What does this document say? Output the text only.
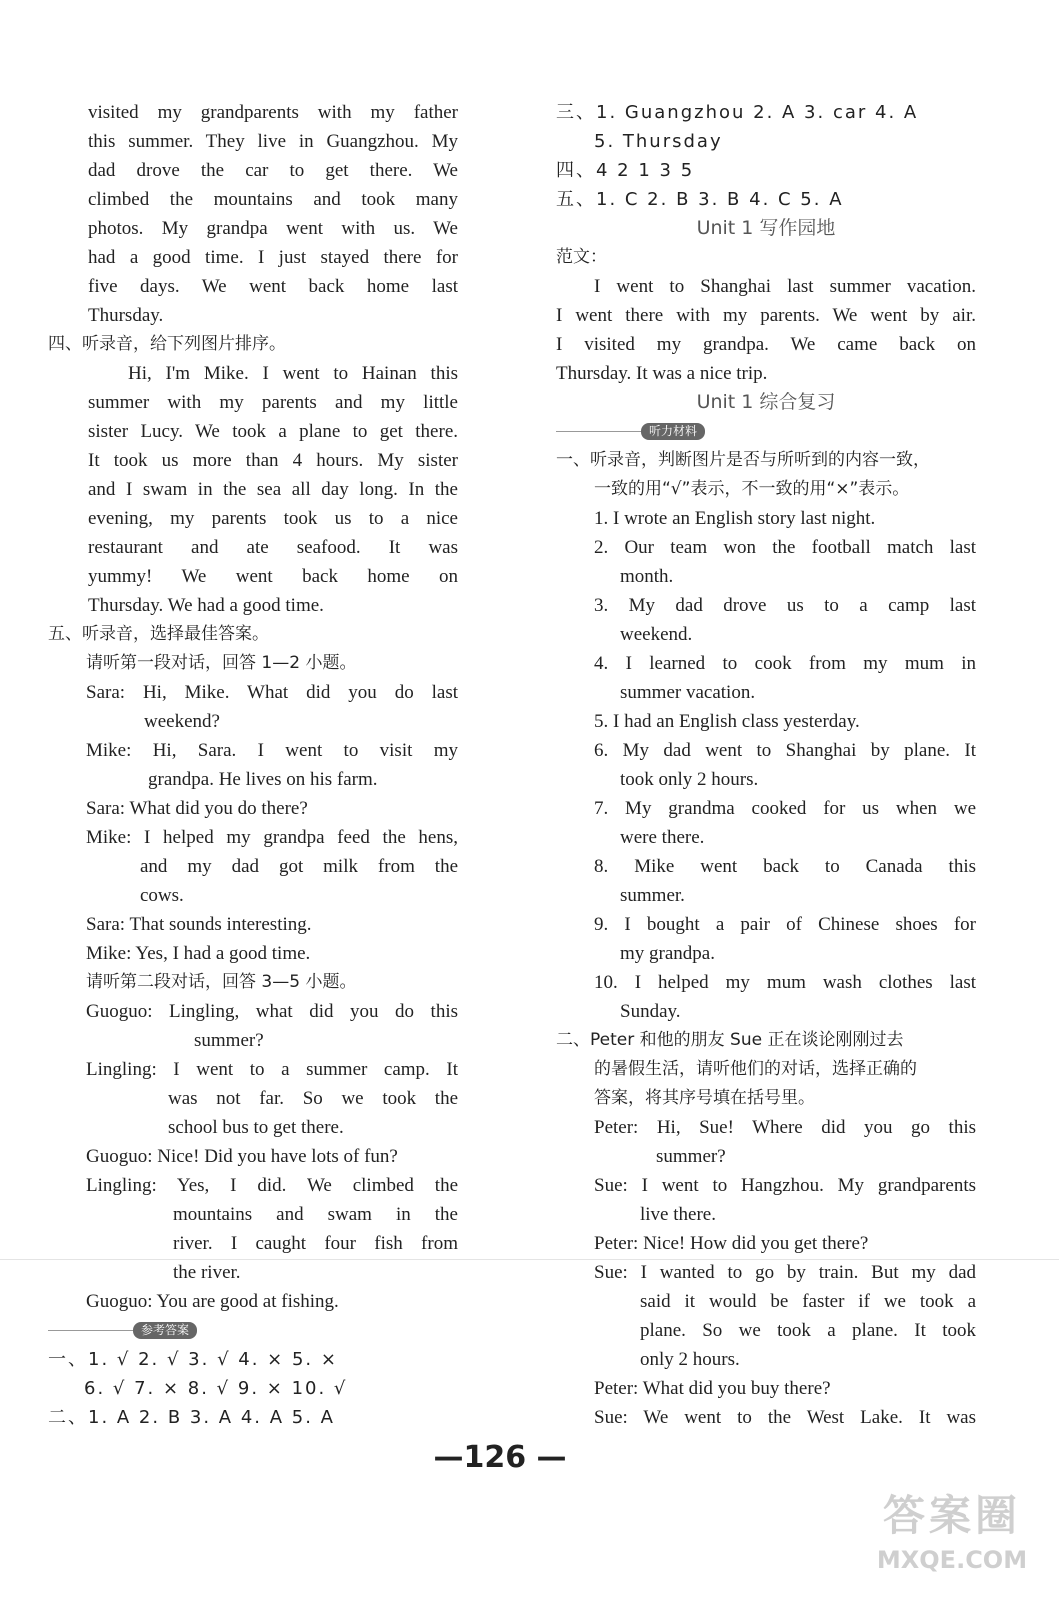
visited my grandparents with my father
this summer. They live in Guangzhou. My
dad drove the car to get there. We
climbed the mountains and took many
photos. My grandpa went with us. We
had a good time. I just stayed there for
five days. We went back home last
Thursday.
四、听录音，给下列图片排序。
Hi, I'm Mike. I went to Hainan this
summer with my parents and my little
sister Lucy. We took a plane to get there.
It took us more than 4 hours. My sister
and I swam in the sea all day long. In the
evening, my parents took us to a nice
restaurant and ate seafood. It was
yummy! We went back home on
Thursday. We had a good time.
五、听录音，选择最佳答案。
请听第一段对话，回答 1—2 小题。
Sara: Hi, Mike. What did you do last
weekend?
Mike: Hi, Sara. I went to visit my
grandpa. He lives on his farm.
Sara: What did you do there?
Mike: I helped my grandpa feed the hens,
and my dad got milk from the
cows.
Sara: That sounds interesting.
Mike: Yes, I had a good time.
请听第二段对话，回答 3—5 小题。
Guoguo: Lingling, what did you do this
summer?
Lingling: I went to a summer camp. It
was not far. So we took the
school bus to get there.
Guoguo: Nice! Did you have lots of fun?
Lingling: Yes, I did. We climbed the
mountains and swam in the
river. I caught four fish from
the river.
Guoguo: You are good at fishing.
参考答案
一、1. √ 2. √ 3. √ 4. × 5. ×
6. √ 7. × 8. √ 9. × 10. √
二、1. A 2. B 3. A 4. A 5. A
三、1. Guangzhou 2. A 3. car 4. A
5. Thursday
四、4 2 1 3 5
五、1. C 2. B 3. B 4. C 5. A
Unit 1 写作园地
范文：
I went to Shanghai last summer vacation.
I went there with my parents. We went by air.
I visited my grandpa. We came back on
Thursday. It was a nice trip.
Unit 1 综合复习
听力材料
一、听录音，判断图片是否与所听到的内容一致，
一致的用“√”表示，不一致的用“×”表示。
1. I wrote an English story last night.
2. Our team won the football match last
month.
3. My dad drove us to a camp last
weekend.
4. I learned to cook from my mum in
summer vacation.
5. I had an English class yesterday.
6. My dad went to Shanghai by plane. It
took only 2 hours.
7. My grandma cooked for us when we
were there.
8. Mike went back to Canada this
summer.
9. I bought a pair of Chinese shoes for
my grandpa.
10. I helped my mum wash clothes last
Sunday.
二、Peter 和他的朋友 Sue 正在谈论刚刚过去
的暑假生活，请听他们的对话，选择正确的
答案，将其序号填在括号里。
Peter: Hi, Sue! Where did you go this
summer?
Sue: I went to Hangzhou. My grandparents
live there.
Peter: Nice! How did you get there?
Sue: I wanted to go by train. But my dad
said it would be faster if we took a
plane. So we took a plane. It took
only 2 hours.
Peter: What did you buy there?
Sue: We went to the West Lake. It was
—126 —
答案圈
MXQE.COM
